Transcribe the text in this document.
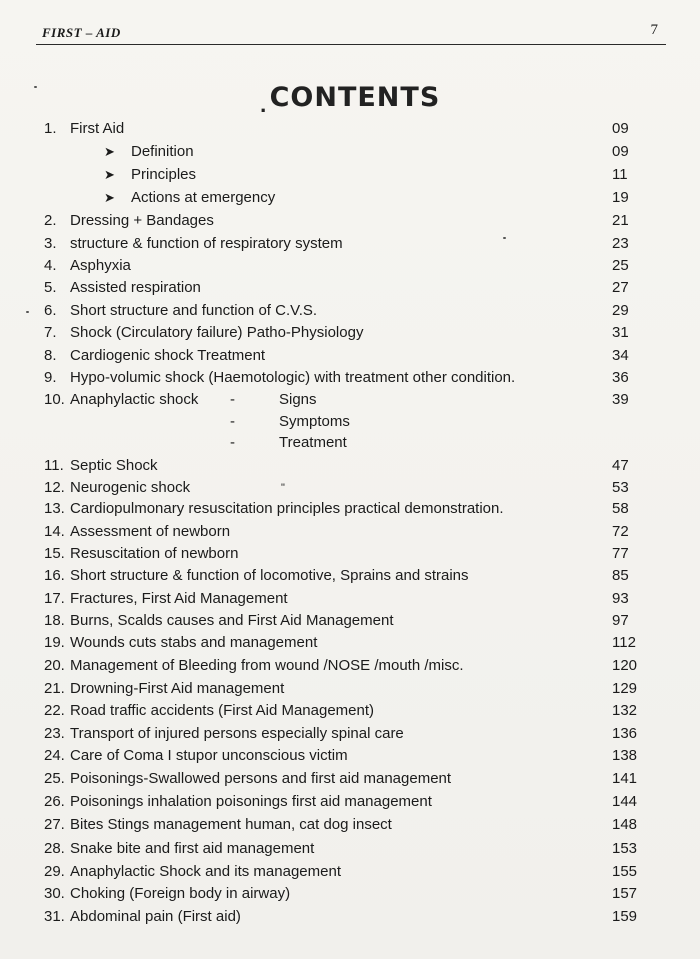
FIRST – AID	7
$_.$CONTENTS
1. First Aid	09
➤ Definition	09
➤ Principles	11
➤ Actions at emergency	19
2. Dressing + Bandages	21
3. structure & function of respiratory system	23
4. Asphyxia	25
5. Assisted respiration	27
6. Short structure and function of C.V.S.	29
7. Shock (Circulatory failure) Patho-Physiology	31
8. Cardiogenic shock Treatment	34
9. Hypo-volumic shock (Haemotologic) with treatment other condition.	36
10. Anaphylactic shock -	Signs	39
-	Symptoms
-	Treatment
11. Septic Shock	47
12. Neurogenic shock	"	53
13. Cardiopulmonary resuscitation principles practical demonstration.	58
14. Assessment of newborn	72
15. Resuscitation of newborn	77
16. Short structure & function of locomotive, Sprains and strains	85
17. Fractures, First Aid Management	93
18. Burns, Scalds causes and First Aid Management	97
19. Wounds cuts stabs and management	112
20. Management of Bleeding from wound /NOSE /mouth /misc.	120
21. Drowning-First Aid management	129
22. Road traffic accidents (First Aid Management)	132
23. Transport of injured persons especially spinal care	136
24. Care of Coma I stupor unconscious victim	138
25. Poisonings-Swallowed persons and first aid management	141
26. Poisonings inhalation poisonings first aid management	144
27. Bites Stings management human, cat dog insect	148
28. Snake bite and first aid management	153
29. Anaphylactic Shock and its management	155
30. Choking (Foreign body in airway)	157
31. Abdominal pain (First aid)	159
